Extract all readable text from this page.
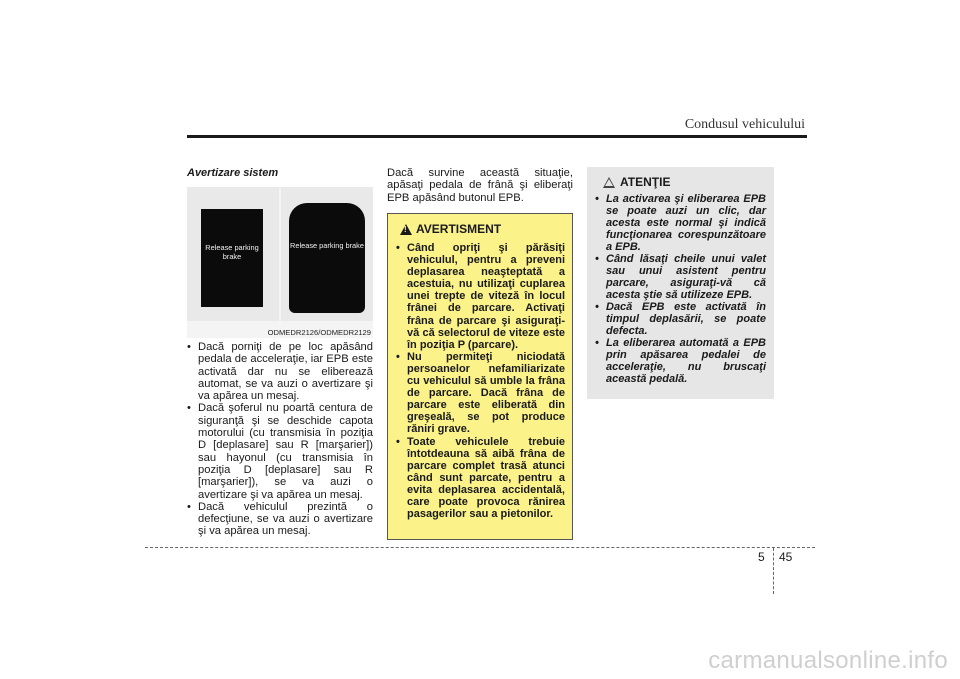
Condusul vehiculului
Avertizare sistem
• Dacă porniţi de pe loc apăsând pedala de acceleraţie, iar EPB este activată dar nu se eliberează automat, se va auzi o avertizare şi va apărea un mesaj.
• Dacă şoferul nu poartă centura de siguranţă şi se deschide capota motorului (cu transmisia în poziţia D [deplasare] sau R [marşarier]) sau hayonul (cu transmisia în poziţia D [deplasare] sau R [marşarier]), se va auzi o avertizare şi va apărea un mesaj.
• Dacă vehiculul prezintă o defecţiune, se va auzi o avertizare şi va apărea un mesaj.
Release parking brake
Release parking brake
ODMEDR2126/ODMEDR2129
Dacă survine această situaţie, apăsaţi pedala de frână şi eliberaţi EPB apăsând butonul EPB.
!
AVERTISMENT
• Când opriţi şi părăsiţi vehiculul, pentru a preveni deplasarea neaşteptată a acestuia, nu utilizaţi cuplarea unei trepte de viteză în locul frânei de parcare. Activaţi frâna de parcare şi asiguraţi-vă că selectorul de viteze este în poziţia P (parcare).
• Nu permiteţi niciodată persoanelor nefamiliarizate cu vehiculul să umble la frâna de parcare. Dacă frâna de parcare este eliberată din greşeală, se pot produce răniri grave.
• Toate vehiculele trebuie întotdeauna să aibă frâna de parcare complet trasă atunci când sunt parcate, pentru a evita deplasarea accidentală, care poate provoca rănirea pasagerilor sau a pietonilor.
ATENŢIE
• La activarea şi eliberarea EPB se poate auzi un clic, dar acesta este normal şi indică funcţionarea corespunzătoare a EPB.
• Când lăsaţi cheile unui valet sau unui asistent pentru parcare, asiguraţi-vă că acesta ştie să utilizeze EPB.
• Dacă EPB este activată în timpul deplasării, se poate defecta.
• La eliberarea automată a EPB prin apăsarea pedalei de acceleraţie, nu bruscaţi această pedală.
5 45
carmanualsonline.info
